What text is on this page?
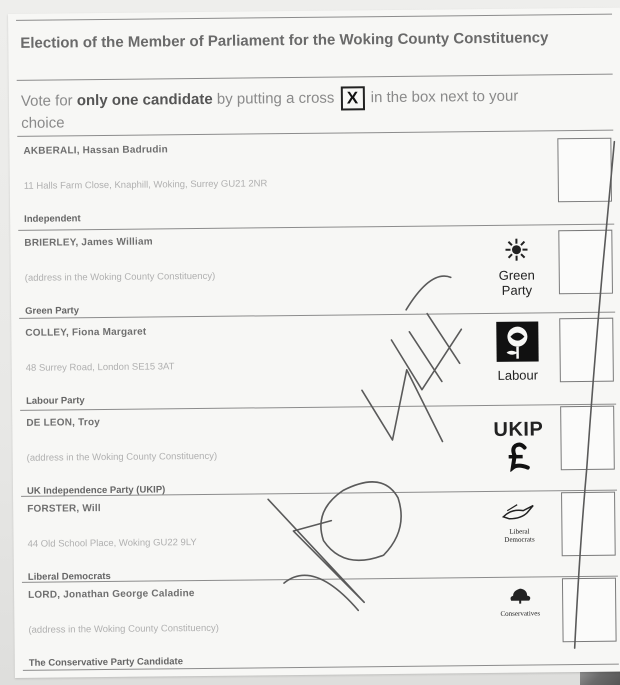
Election of the Member of Parliament for the Woking County Constituency
Vote for only one candidate by putting a cross X in the box next to your choice
AKBERALI, Hassan Badrudin
11 Halls Farm Close, Knaphill, Woking, Surrey GU21 2NR
Independent
BRIERLEY, James William
(address in the Woking County Constituency)
Green Party
Green
Party
COLLEY, Fiona Margaret
48 Surrey Road, London SE15 3AT
Labour Party
Labour
DE LEON, Troy
(address in the Woking County Constituency)
UK Independence Party (UKIP)
UKIP
FORSTER, Will
44 Old School Place, Woking GU22 9LY
Liberal Democrats
Liberal
Democrats
LORD, Jonathan George Caladine
(address in the Woking County Constituency)
The Conservative Party Candidate
Conservatives
NONE
